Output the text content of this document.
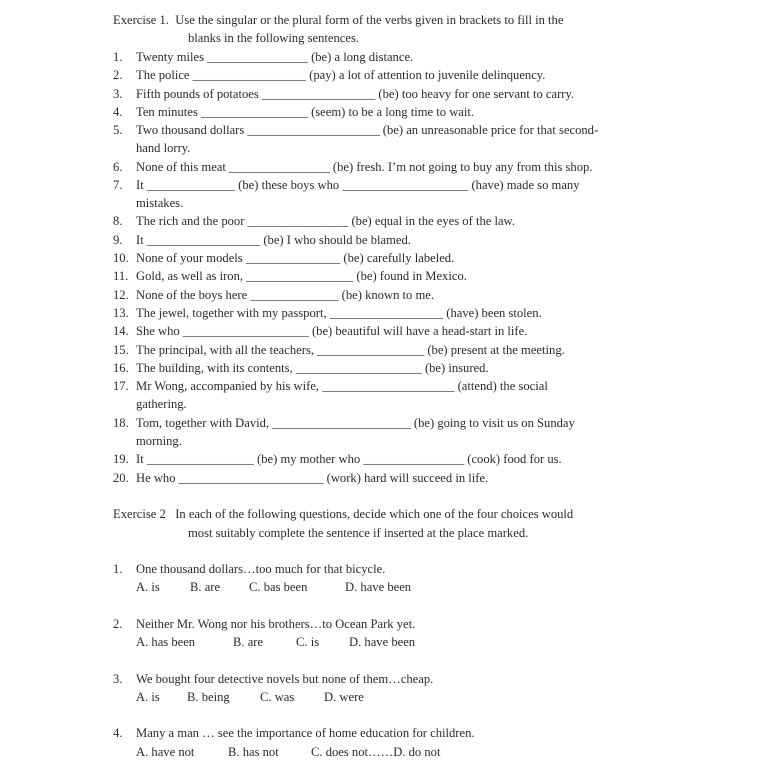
Exercise 1.  Use the singular or the plural form of the verbs given in brackets to fill in the
blanks in the following sentences.
1. Twenty miles ________________ (be) a long distance.
2. The police __________________ (pay) a lot of attention to juvenile delinquency.
3. Fifth pounds of potatoes __________________ (be) too heavy for one servant to carry.
4. Ten minutes _________________ (seem) to be a long time to wait.
5. Two thousand dollars _____________________ (be) an unreasonable price for that second-
hand lorry.
6. None of this meat ________________ (be) fresh. I’m not going to buy any from this shop.
7. It ______________ (be) these boys who ____________________ (have) made so many
mistakes.
8. The rich and the poor ________________ (be) equal in the eyes of the law.
9. It __________________ (be) I who should be blamed.
10. None of your models _______________ (be) carefully labeled.
11. Gold, as well as iron, _________________ (be) found in Mexico.
12. None of the boys here ______________ (be) known to me.
13. The jewel, together with my passport, __________________ (have) been stolen.
14. She who ____________________ (be) beautiful will have a head-start in life.
15. The principal, with all the teachers, _________________ (be) present at the meeting.
16. The building, with its contents, ____________________ (be) insured.
17. Mr Wong, accompanied by his wife, _____________________ (attend) the social
gathering.
18. Tom, together with David, ______________________ (be) going to visit us on Sunday
morning.
19. It _________________ (be) my mother who ________________ (cook) food for us.
20. He who _______________________ (work) hard will succeed in life.
Exercise 2   In each of the following questions, decide which one of the four choices would
most suitably complete the sentence if inserted at the place marked.
1. One thousand dollars…too much for that bicycle.
A. is B. are C. bas been	D. have been
2. Neither Mr. Wong nor his brothers…to Ocean Park yet.
A. has been	B. are	C. is D. have been
3. We bought four detective novels but none of them…cheap.
A. is B. being C. was D. were
4. Many a man … see the importance of home education for children.
A. have not	B. has not	C. does not……D. do not
